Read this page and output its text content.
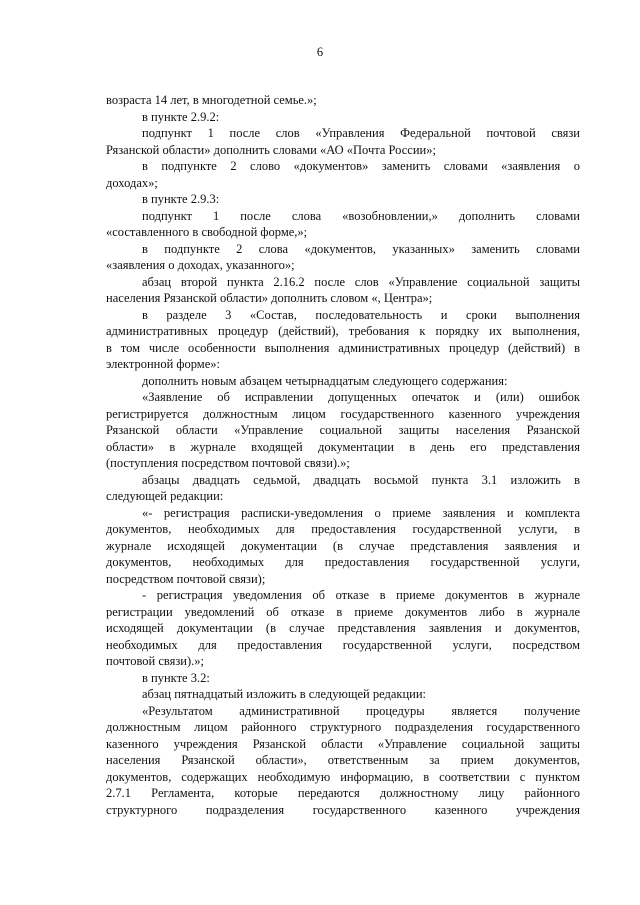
6
возраста 14 лет, в многодетной семье.»;
в пункте 2.9.2:
подпункт 1 после слов «Управления Федеральной почтовой связи
Рязанской области» дополнить словами «АО «Почта России»;
в подпункте 2 слово «документов» заменить словами «заявления о
доходах»;
в пункте 2.9.3:
подпункт 1 после слова «возобновлении,» дополнить словами
«составленного в свободной форме,»;
в подпункте 2 слова «документов, указанных» заменить словами
«заявления о доходах, указанного»;
абзац второй пункта 2.16.2 после слов «Управление социальной защиты
населения Рязанской области» дополнить словом «, Центра»;
в разделе 3 «Состав, последовательность и сроки выполнения
административных процедур (действий), требования к порядку их выполнения,
в том числе особенности выполнения административных процедур (действий) в
электронной форме»:
дополнить новым абзацем четырнадцатым следующего содержания:
«Заявление об исправлении допущенных опечаток и (или) ошибок
регистрируется должностным лицом государственного казенного учреждения
Рязанской области «Управление социальной защиты населения Рязанской
области» в журнале входящей документации в день его представления
(поступления посредством почтовой связи).»;
абзацы двадцать седьмой, двадцать восьмой пункта 3.1 изложить в
следующей редакции:
«- регистрация расписки-уведомления о приеме заявления и комплекта
документов, необходимых для предоставления государственной услуги, в
журнале исходящей документации (в случае представления заявления и
документов, необходимых для предоставления государственной услуги,
посредством почтовой связи);
- регистрация уведомления об отказе в приеме документов в журнале
регистрации уведомлений об отказе в приеме документов либо в журнале
исходящей документации (в случае представления заявления и документов,
необходимых для предоставления государственной услуги, посредством
почтовой связи).»;
в пункте 3.2:
абзац пятнадцатый изложить в следующей редакции:
«Результатом административной процедуры является получение
должностным лицом районного структурного подразделения государственного
казенного учреждения Рязанской области «Управление социальной защиты
населения Рязанской области», ответственным за прием документов,
документов, содержащих необходимую информацию, в соответствии с пунктом
2.7.1 Регламента, которые передаются должностному лицу районного
структурного подразделения государственного казенного учреждения
